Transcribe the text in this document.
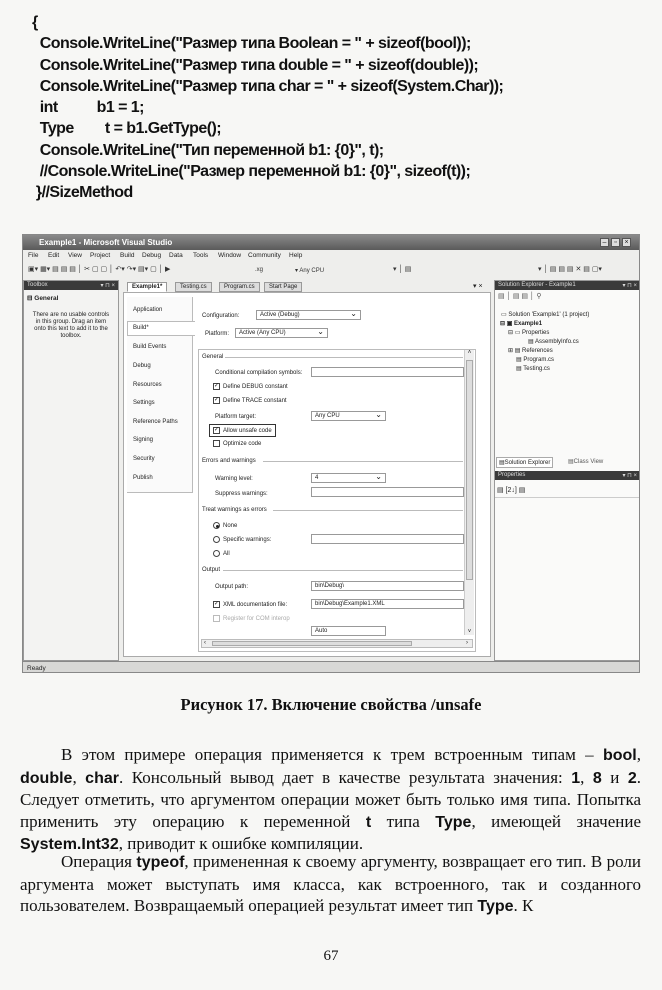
{
Console.WriteLine("Размер типа Boolean = " + sizeof(bool));
Console.WriteLine("Размер типа double = " + sizeof(double));
Console.WriteLine("Размер типа char = " + sizeof(System.Char));
int          b1 = 1;
Type        t = b1.GetType();
Console.WriteLine("Тип переменной b1: {0}", t);
//Console.WriteLine("Размер переменной b1: {0}", sizeof(t));
}//SizeMethod
Example1 - Microsoft Visual Studio	–	▫	×
File Edit View Project Build Debug Data Tools Window Community Help
▣▾ ▦▾ ▤ ▤ ▤ │ ✂ ▢ ▢ │ ↶▾ ↷▾ ▤▾ ▢ │ ▶	.xg	▾ Any CPU	▾ │ ▤	▾ │ ▤ ▤ ▤ ✕ ▤ ▢▾
Toolbox	▾ ⊓ ×
⊟ General
There are no usable controls in this group. Drag an item onto this text to add it to the toolbox.
Example1*	Testing.cs	Program.cs	Start Page	▾ ×
Application
Build*
Build Events
Debug
Resources
Settings
Reference Paths
Signing
Security
Publish
Configuration:	Active (Debug) ⌄
Platform:	Active (Any CPU) ⌄
˄
˅
General
Conditional compilation symbols:
✓ Define DEBUG constant
✓ Define TRACE constant
Platform target:	Any CPU ⌄
✓ Allow unsafe code
Optimize code
Errors and warnings
Warning level:	4 ⌄
Suppress warnings:
Treat warnings as errors
None
Specific warnings:
All
Output
Output path:	bin\Debug\
✓ XML documentation file:	bin\Debug\Example1.XML
Register for COM interop
Auto
‹	›
Solution Explorer - Example1	▾ ⊓ ×
▤ │ ▤ ▤ │ ⚲
▭ Solution 'Example1' (1 project)
⊟ ▣ Example1
⊟ ▭ Properties
▤ AssemblyInfo.cs
⊞ ▤ References
▤ Program.cs
▤ Testing.cs
▤Solution Explorer	▤Class View
Properties	▾ ⊓ ×
▤ [2↓] ▤
Ready
Рисунок 17. Включение свойства /unsafe
В этом примере операция применяется к трем встроенным типам – bool, double, char. Консольный вывод дает в качестве результата значения: 1, 8 и 2. Следует отметить, что аргументом операции может быть только имя типа. Попытка применить эту операцию к переменной t типа Type, имеющей значение System.Int32, приводит к ошибке компиляции.
Операция typeof, примененная к своему аргументу, возвращает его тип. В роли аргумента может выступать имя класса, как встроенного, так и созданного пользователем. Возвращаемый операцией результат имеет тип Type. К
67
